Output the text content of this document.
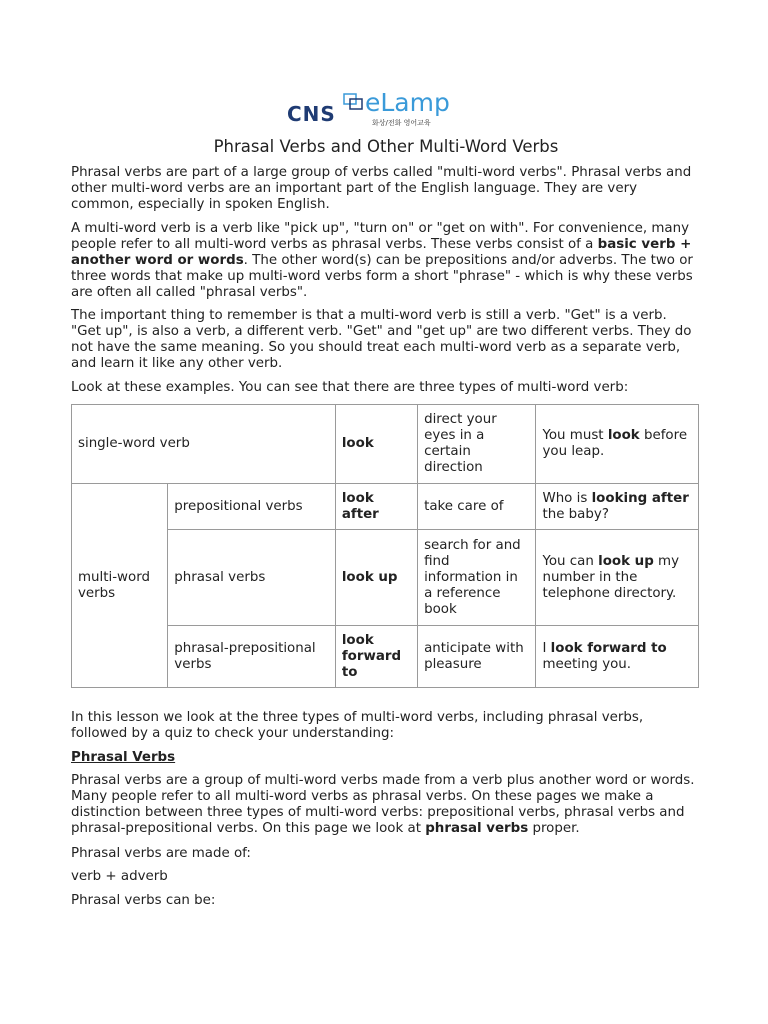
CNS eLamp
화상/전화 영어교육
Phrasal Verbs and Other Multi-Word Verbs

Phrasal verbs are part of a large group of verbs called "multi-word verbs". Phrasal verbs and other multi-word verbs are an important part of the English language. They are very common, especially in spoken English.

A multi-word verb is a verb like "pick up", "turn on" or "get on with". For convenience, many people refer to all multi-word verbs as phrasal verbs. These verbs consist of a basic verb + another word or words. The other word(s) can be prepositions and/or adverbs. The two or three words that make up multi-word verbs form a short "phrase" - which is why these verbs are often all called "phrasal verbs".

The important thing to remember is that a multi-word verb is still a verb. "Get" is a verb. "Get up", is also a verb, a different verb. "Get" and "get up" are two different verbs. They do not have the same meaning. So you should treat each multi-word verb as a separate verb, and learn it like any other verb.

Look at these examples. You can see that there are three types of multi-word verb:

single-word verb		look	direct your eyes in a certain direction	You must look before you leap.
multi-word verbs	prepositional verbs	look after	take care of	Who is looking after the baby?
	phrasal verbs	look up	search for and find information in a reference book	You can look up my number in the telephone directory.
	phrasal-prepositional verbs	look forward to	anticipate with pleasure	I look forward to meeting you.

In this lesson we look at the three types of multi-word verbs, including phrasal verbs, followed by a quiz to check your understanding:

Phrasal Verbs

Phrasal verbs are a group of multi-word verbs made from a verb plus another word or words. Many people refer to all multi-word verbs as phrasal verbs. On these pages we make a distinction between three types of multi-word verbs: prepositional verbs, phrasal verbs and phrasal-prepositional verbs. On this page we look at phrasal verbs proper.

Phrasal verbs are made of:

verb + adverb

Phrasal verbs can be:
